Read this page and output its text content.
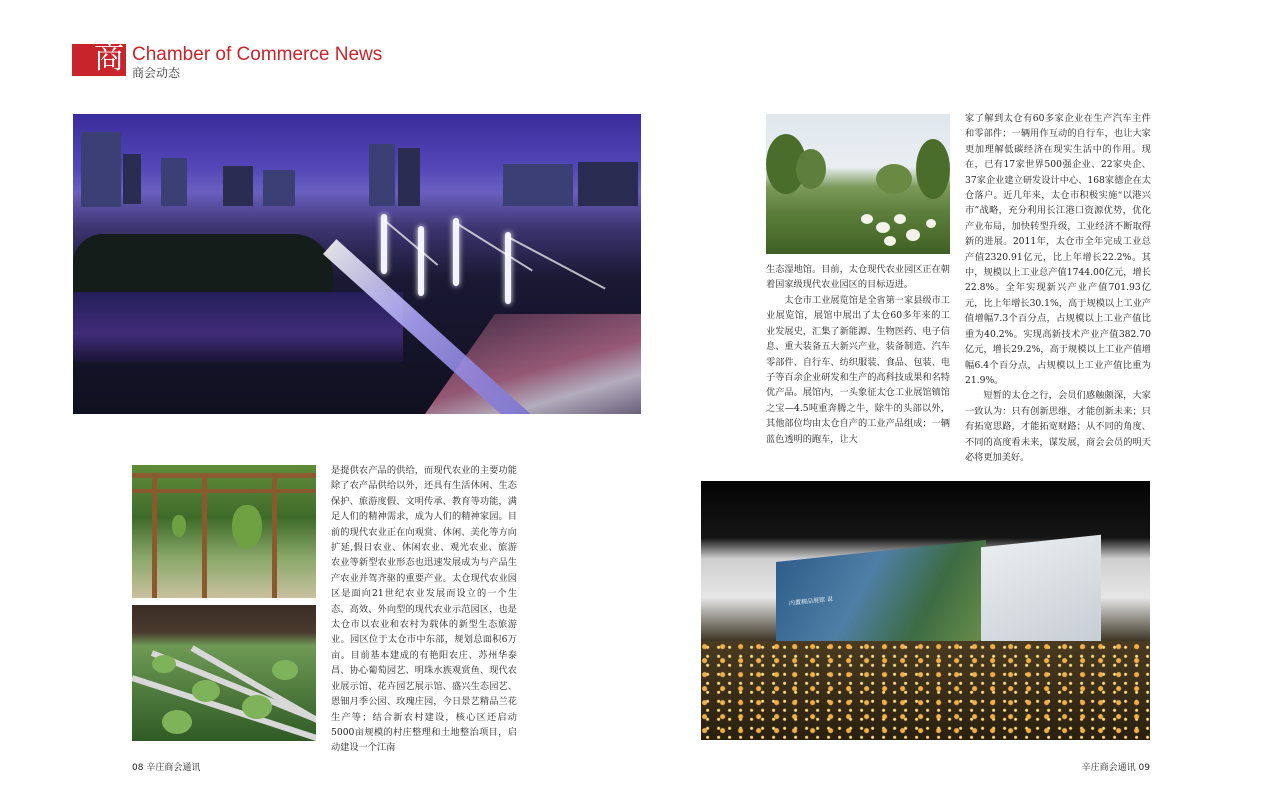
商 Chamber of Commerce News
商会动态
内置精品展馆 说

生态湿地馆。目前，太仓现代农业园区正在朝着国家级现代农业园区的目标迈进。

太仓市工业展览馆是全省第一家县级市工业展览馆，展馆中展出了太仓60多年来的工业发展史，汇集了新能源、生物医药、电子信息、重大装备五大新兴产业，装备制造、汽车零部件、自行车、纺织服装、食品、包装、电子等百余企业研发和生产的高科技成果和名特优产品。展馆内，一头象征太仓工业展馆镇馆之宝—4.5吨重奔腾之牛，除牛的头部以外，其他部位均由太仓自产的工业产品组成；一辆蓝色透明的跑车，让大

家了解到太仓有60多家企业在生产汽车主件和零部件；一辆用作互动的自行车，也让大家更加理解低碳经济在现实生活中的作用。现在，已有17家世界500强企业、22家央企、37家企业建立研发设计中心、168家德企在太仓落户。近几年来，太仓市积极实施“以港兴市”战略，充分利用长江港口资源优势，优化产业布局，加快转型升级，工业经济不断取得新的进展。2011年，太仓市全年完成工业总产值2320.91亿元，比上年增长22.2%。其中，规模以上工业总产值1744.00亿元，增长22.8%。全年实现新兴产业产值701.93亿元，比上年增长30.1%，高于规模以上工业产值增幅7.3个百分点，占规模以上工业产值比重为40.2%。实现高新技术产业产值382.70亿元，增长29.2%，高于规模以上工业产值增幅6.4个百分点，占规模以上工业产值比重为21.9%。

短暂的太仓之行，会员们感触颇深，大家一致认为：只有创新思维，才能创新未来；只有拓宽思路，才能拓宽财路；从不同的角度、不同的高度看未来，谋发展，商会会员的明天必将更加美好。

是提供农产品的供给，而现代农业的主要功能除了农产品供给以外，还具有生活休闲、生态保护、旅游度假、文明传承、教育等功能，满足人们的精神需求，成为人们的精神家园。目前的现代农业正在向观赏、休闲、美化等方向扩延,假日农业、休闲农业、观光农业、旅游农业等新型农业形态也迅速发展成为与产品生产农业并驾齐驱的重要产业。太仓现代农业园区是面向21世纪农业发展而设立的一个生态、高效、外向型的现代农业示范园区，也是太仓市以农业和农村为载体的新型生态旅游业。园区位于太仓市中东部，规划总面积6万亩。目前基本建成的有艳阳农庄、苏州华泰昌、协心葡萄园艺、明珠水族观赏鱼、现代农业展示馆、花卉园艺展示馆、盛兴生态园艺、恩钿月季公园、玫瑰庄园，今日景艺精品兰花生产等；结合新农村建设，核心区还启动5000亩规模的村庄整理和土地整治项目，启动建设一个江南

08 辛庄商会通讯	辛庄商会通讯 09
